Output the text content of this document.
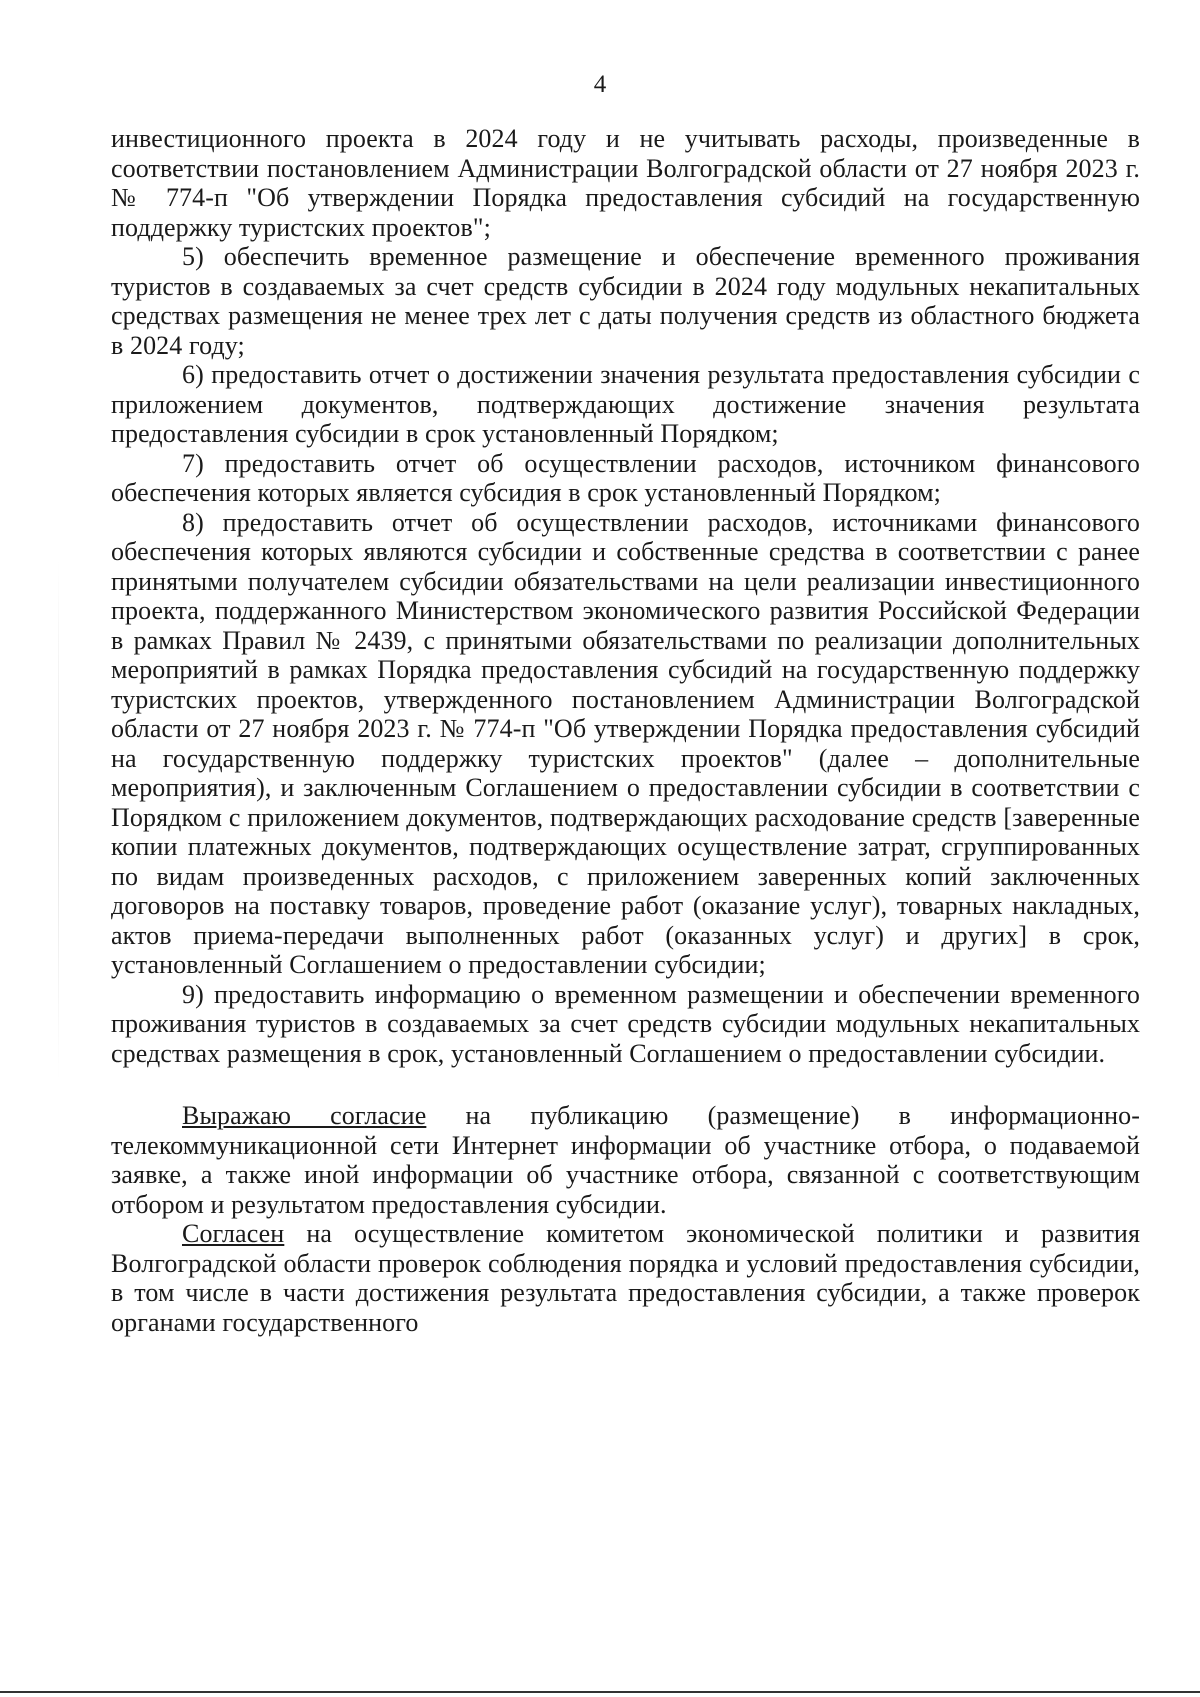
4

инвестиционного проекта в 2024 году и не учитывать расходы, произведенные в соответствии постановлением Администрации Волгоградской области от 27 ноября 2023 г. № 774-п "Об утверждении Порядка предоставления субсидий на государственную поддержку туристских проектов";

5) обеспечить временное размещение и обеспечение временного проживания туристов в создаваемых за счет средств субсидии в 2024 году модульных некапитальных средствах размещения не менее трех лет с даты получения средств из областного бюджета в 2024 году;

6) предоставить отчет о достижении значения результата предоставления субсидии с приложением документов, подтверждающих достижение значения результата предоставления субсидии в срок установленный Порядком;

7) предоставить отчет об осуществлении расходов, источником финансового обеспечения которых является субсидия в срок установленный Порядком;

8) предоставить отчет об осуществлении расходов, источниками финансового обеспечения которых являются субсидии и собственные средства в соответствии с ранее принятыми получателем субсидии обязательствами на цели реализации инвестиционного проекта, поддержанного Министерством экономического развития Российской Федерации в рамках Правил № 2439, с принятыми обязательствами по реализации дополнительных мероприятий в рамках Порядка предоставления субсидий на государственную поддержку туристских проектов, утвержденного постановлением Администрации Волгоградской области от 27 ноября 2023 г. № 774-п "Об утверждении Порядка предоставления субсидий на государственную поддержку туристских проектов" (далее – дополнительные мероприятия), и заключенным Соглашением о предоставлении субсидии в соответствии с Порядком с приложением документов, подтверждающих расходование средств [заверенные копии платежных документов, подтверждающих осуществление затрат, сгруппированных по видам произведенных расходов, с приложением заверенных копий заключенных договоров на поставку товаров, проведение работ (оказание услуг), товарных накладных, актов приема-передачи выполненных работ (оказанных услуг) и других] в срок, установленный Соглашением о предоставлении субсидии;

9) предоставить информацию о временном размещении и обеспечении временного проживания туристов в создаваемых за счет средств субсидии модульных некапитальных средствах размещения в срок, установленный Соглашением о предоставлении субсидии.

Выражаю согласие на публикацию (размещение) в информационно-телекоммуникационной сети Интернет информации об участнике отбора, о подаваемой заявке, а также иной информации об участнике отбора, связанной с соответствующим отбором и результатом предоставления субсидии.

Согласен на осуществление комитетом экономической политики и развития Волгоградской области проверок соблюдения порядка и условий предоставления субсидии, в том числе в части достижения результата предоставления субсидии, а также проверок органами государственного
